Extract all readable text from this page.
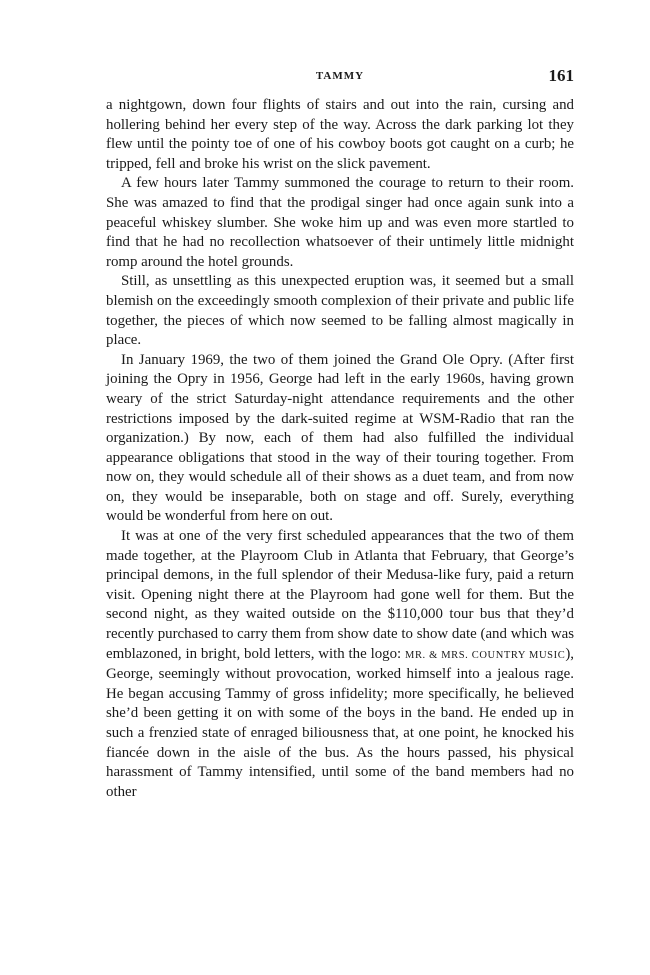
TAMMY	161

a nightgown, down four flights of stairs and out into the rain, cursing and hollering behind her every step of the way. Across the dark parking lot they flew until the pointy toe of one of his cowboy boots got caught on a curb; he tripped, fell and broke his wrist on the slick pavement.

A few hours later Tammy summoned the courage to return to their room. She was amazed to find that the prodigal singer had once again sunk into a peaceful whiskey slumber. She woke him up and was even more startled to find that he had no recollection whatsoever of their untimely little midnight romp around the hotel grounds.

Still, as unsettling as this unexpected eruption was, it seemed but a small blemish on the exceedingly smooth complexion of their private and public life together, the pieces of which now seemed to be falling almost magically in place.

In January 1969, the two of them joined the Grand Ole Opry. (After first joining the Opry in 1956, George had left in the early 1960s, having grown weary of the strict Saturday-night attendance requirements and the other restrictions imposed by the dark-suited regime at WSM-Radio that ran the organization.) By now, each of them had also fulfilled the individual appearance obligations that stood in the way of their touring together. From now on, they would schedule all of their shows as a duet team, and from now on, they would be inseparable, both on stage and off. Surely, everything would be wonderful from here on out.

It was at one of the very first scheduled appearances that the two of them made together, at the Playroom Club in Atlanta that February, that George’s principal demons, in the full splendor of their Medusa-like fury, paid a return visit. Opening night there at the Playroom had gone well for them. But the second night, as they waited outside on the $110,000 tour bus that they’d recently purchased to carry them from show date to show date (and which was emblazoned, in bright, bold letters, with the logo: MR. & MRS. COUNTRY MUSIC), George, seemingly without provocation, worked himself into a jealous rage. He began accusing Tammy of gross infidelity; more specifically, he believed she’d been getting it on with some of the boys in the band. He ended up in such a frenzied state of enraged biliousness that, at one point, he knocked his fiancée down in the aisle of the bus. As the hours passed, his physical harassment of Tammy intensified, until some of the band members had no other
